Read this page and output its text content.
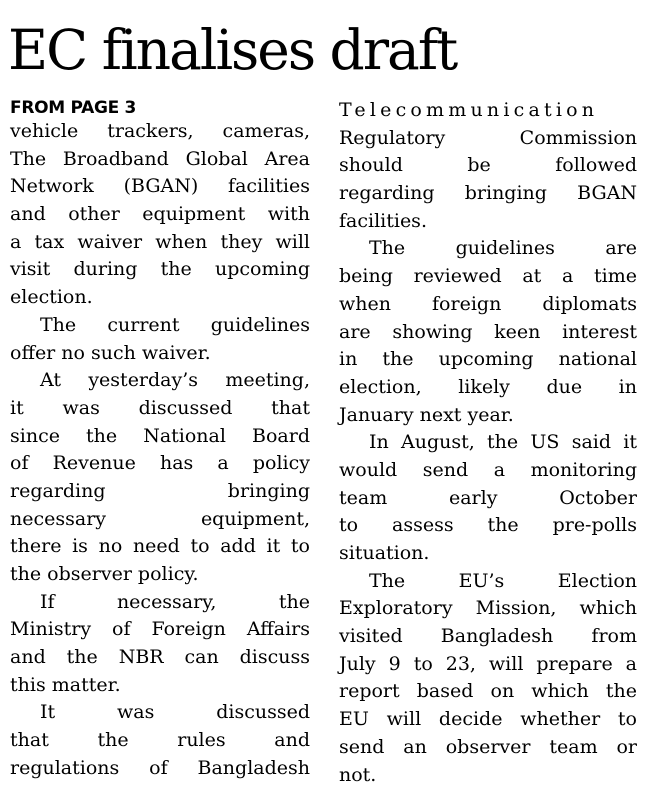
EC finalises draft
FROM PAGE 3
vehicle trackers, cameras,
The Broadband Global Area
Network (BGAN) facilities
and other equipment with
a tax waiver when they will
visit during the upcoming
election.
The current guidelines
offer no such waiver.
At yesterday’s meeting,
it was discussed that
since the National Board
of Revenue has a policy
regarding bringing
necessary equipment,
there is no need to add it to
the observer policy.
If necessary, the
Ministry of Foreign Affairs
and the NBR can discuss
this matter.
It was discussed
that the rules and
regulations of Bangladesh
Telecommunication
Regulatory Commission
should be followed
regarding bringing BGAN
facilities.
The guidelines are
being reviewed at a time
when foreign diplomats
are showing keen interest
in the upcoming national
election, likely due in
January next year.
In August, the US said it
would send a monitoring
team early October
to assess the pre-polls
situation.
The EU’s Election
Exploratory Mission, which
visited Bangladesh from
July 9 to 23, will prepare a
report based on which the
EU will decide whether to
send an observer team or
not.
